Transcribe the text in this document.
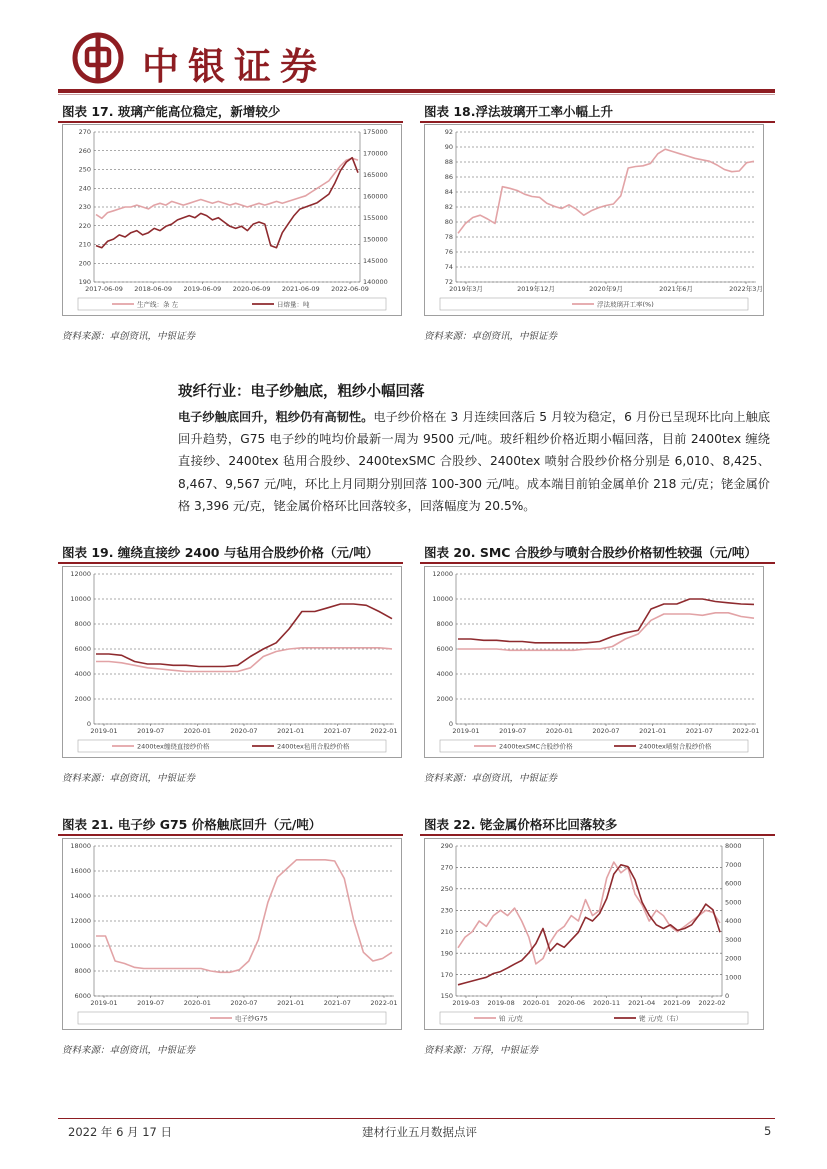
中银证券
图表 17. 玻璃产能高位稳定，新增较少
190
200
210
220
230
240
250
260
270
140000
145000
150000
155000
160000
165000
170000
175000
2017-06-09 2018-06-09 2019-06-09 2020-06-09 2021-06-09 2022-06-09
生产线：条 左	日熔量：吨
资料来源：卓创资讯，中银证券
图表 18.浮法玻璃开工率小幅上升
72
74
76
78
80
82
84
86
88
90
92
2019年3月	2019年12月	2020年9月	2021年6月	2022年3月
浮法玻璃开工率(%)
资料来源：卓创资讯，中银证券
玻纤行业：电子纱触底，粗纱小幅回落
电子纱触底回升，粗纱仍有高韧性。电子纱价格在 3 月连续回落后 5 月较为稳定，6 月份已呈现环比向上触底回升趋势，G75 电子纱的吨均价最新一周为 9500 元/吨。玻纤粗纱价格近期小幅回落，目前 2400tex 缠绕直接纱、2400tex 毡用合股纱、2400texSMC 合股纱、2400tex 喷射合股纱价格分别是 6,010、8,425、8,467、9,567 元/吨，环比上月同期分别回落 100-300 元/吨。成本端目前铂金属单价 218 元/克；铑金属价格 3,396 元/克，铑金属价格环比回落较多，回落幅度为 20.5%。
图表 19. 缠绕直接纱 2400 与毡用合股纱价格（元/吨）
0
2000
4000
6000
8000
10000
12000
2019-01	2019-07	2020-01	2020-07	2021-01	2021-07	2022-01
2400tex缠绕直接纱价格	2400tex毡用合股纱价格
资料来源：卓创资讯，中银证券
图表 20. SMC 合股纱与喷射合股纱价格韧性较强（元/吨）
0
2000
4000
6000
8000
10000
12000
2019-01	2019-07	2020-01	2020-07	2021-01	2021-07	2022-01
2400texSMC合股纱价格	2400tex喷射合股纱价格
资料来源：卓创资讯，中银证券
图表 21. 电子纱 G75 价格触底回升（元/吨）
6000
8000
10000
12000
14000
16000
18000
2019-01	2019-07	2020-01	2020-07	2021-01	2021-07	2022-01
电子纱G75
资料来源：卓创资讯，中银证券
图表 22. 铑金属价格环比回落较多
150
170
190
210
230
250
270
290
0
1000
2000
3000
4000
5000
6000
7000
8000
2019-03 2019-08 2020-01 2020-06 2020-11 2021-04 2021-09 2022-02
铂 元/克	铑 元/克（右）
资料来源：万得，中银证券
2022 年 6 月 17 日	建材行业五月数据点评	5
